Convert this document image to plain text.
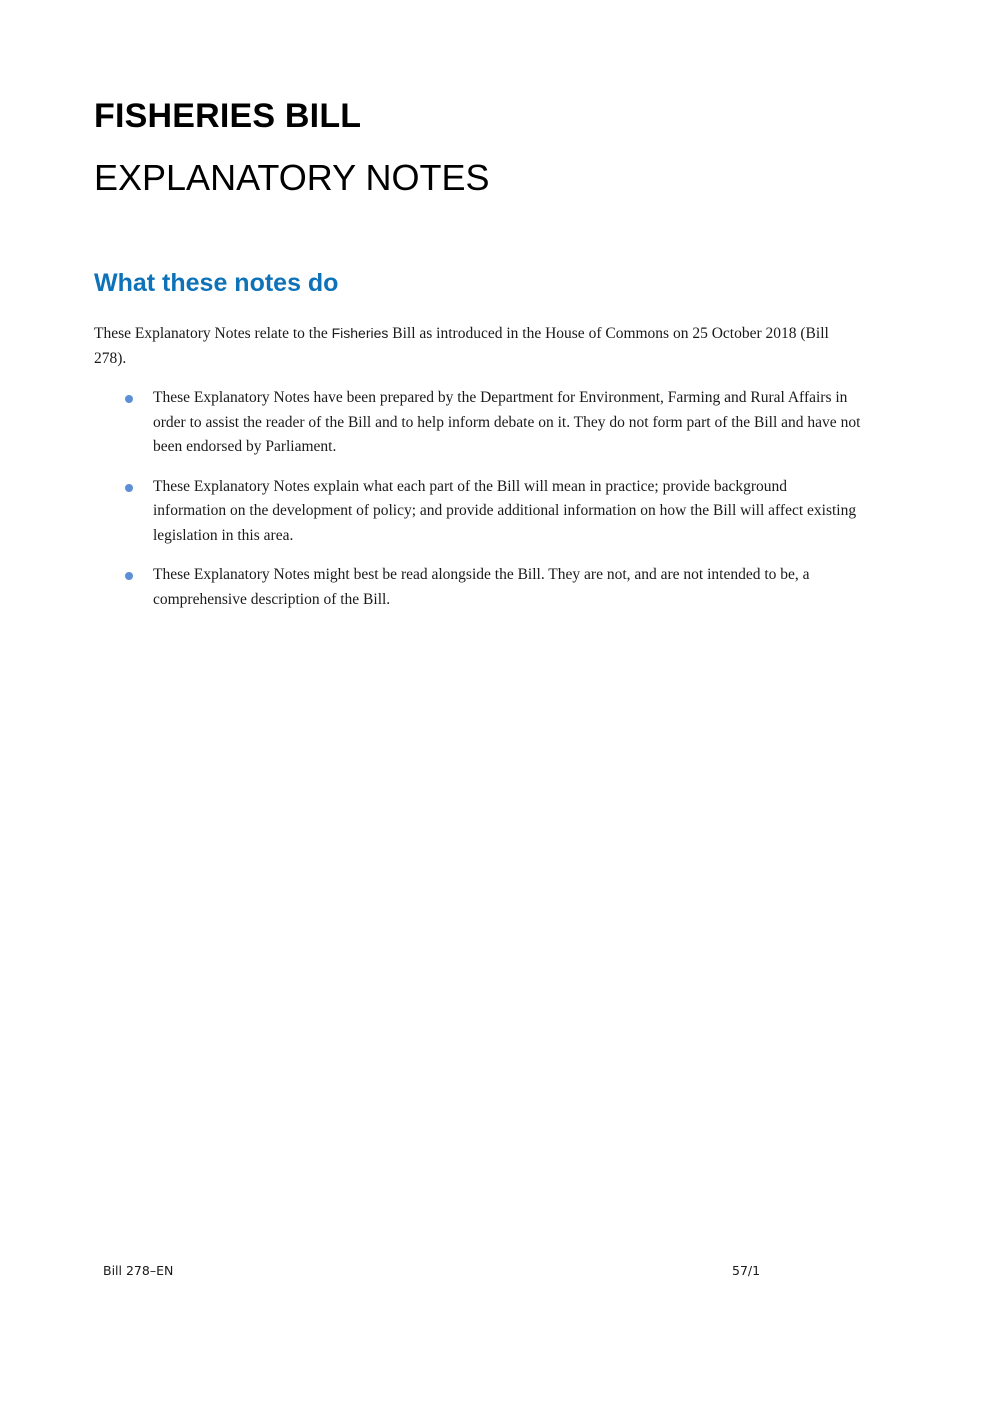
FISHERIES BILL
EXPLANATORY NOTES
What these notes do

These Explanatory Notes relate to the Fisheries Bill as introduced in the House of Commons on 25 October 2018 (Bill 278).

These Explanatory Notes have been prepared by the Department for Environment, Farming and Rural Affairs in order to assist the reader of the Bill and to help inform debate on it. They do not form part of the Bill and have not been endorsed by Parliament.
These Explanatory Notes explain what each part of the Bill will mean in practice; provide background information on the development of policy; and provide additional information on how the Bill will affect existing legislation in this area.
These Explanatory Notes might best be read alongside the Bill. They are not, and are not intended to be, a comprehensive description of the Bill.

Bill 278–EN	57/1
